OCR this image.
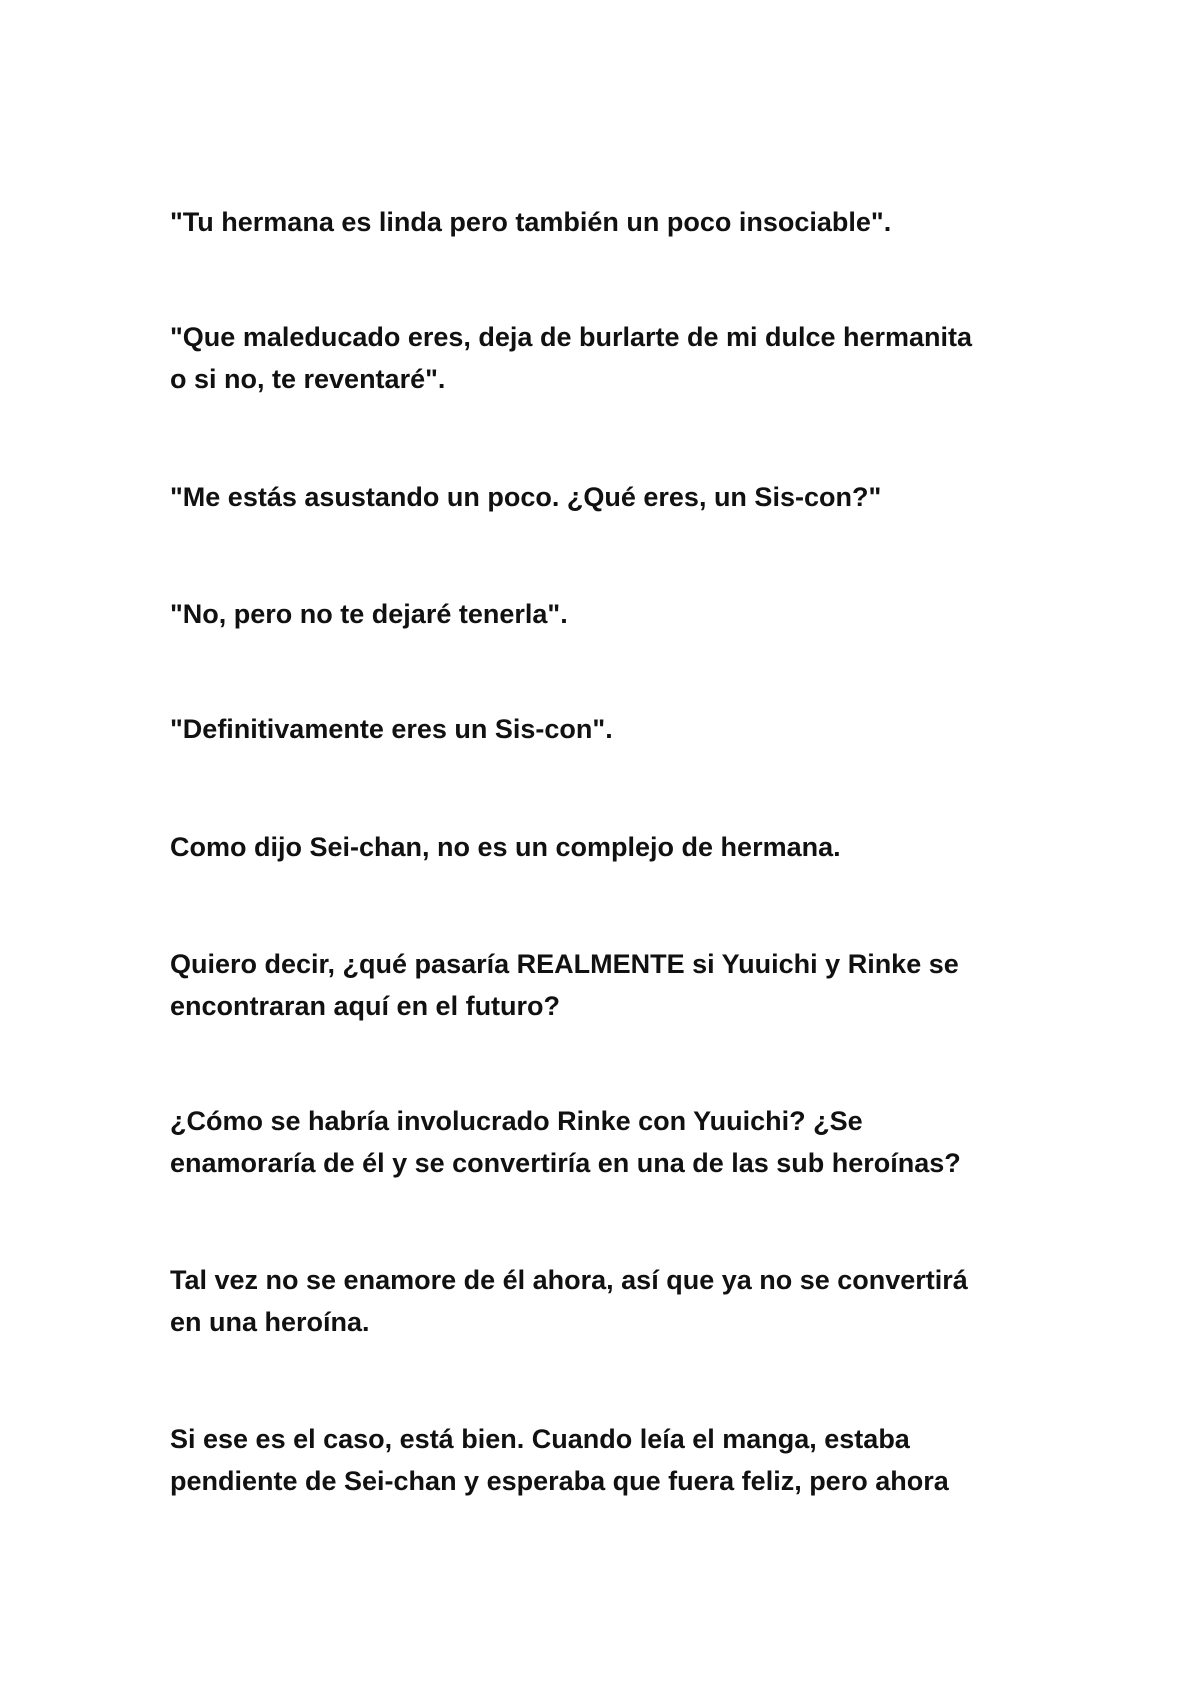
"Tu hermana es linda pero también un poco insociable".
"Que maleducado eres, deja de burlarte de mi dulce hermanita
o si no, te reventaré".
"Me estás asustando un poco. ¿Qué eres, un Sis-con?"
"No, pero no te dejaré tenerla".
"Definitivamente eres un Sis-con".
Como dijo Sei-chan, no es un complejo de hermana.
Quiero decir, ¿qué pasaría REALMENTE si Yuuichi y Rinke se
encontraran aquí en el futuro?
¿Cómo se habría involucrado Rinke con Yuuichi? ¿Se
enamoraría de él y se convertiría en una de las sub heroínas?
Tal vez no se enamore de él ahora, así que ya no se convertirá
en una heroína.
Si ese es el caso, está bien. Cuando leía el manga, estaba
pendiente de Sei-chan y esperaba que fuera feliz, pero ahora
